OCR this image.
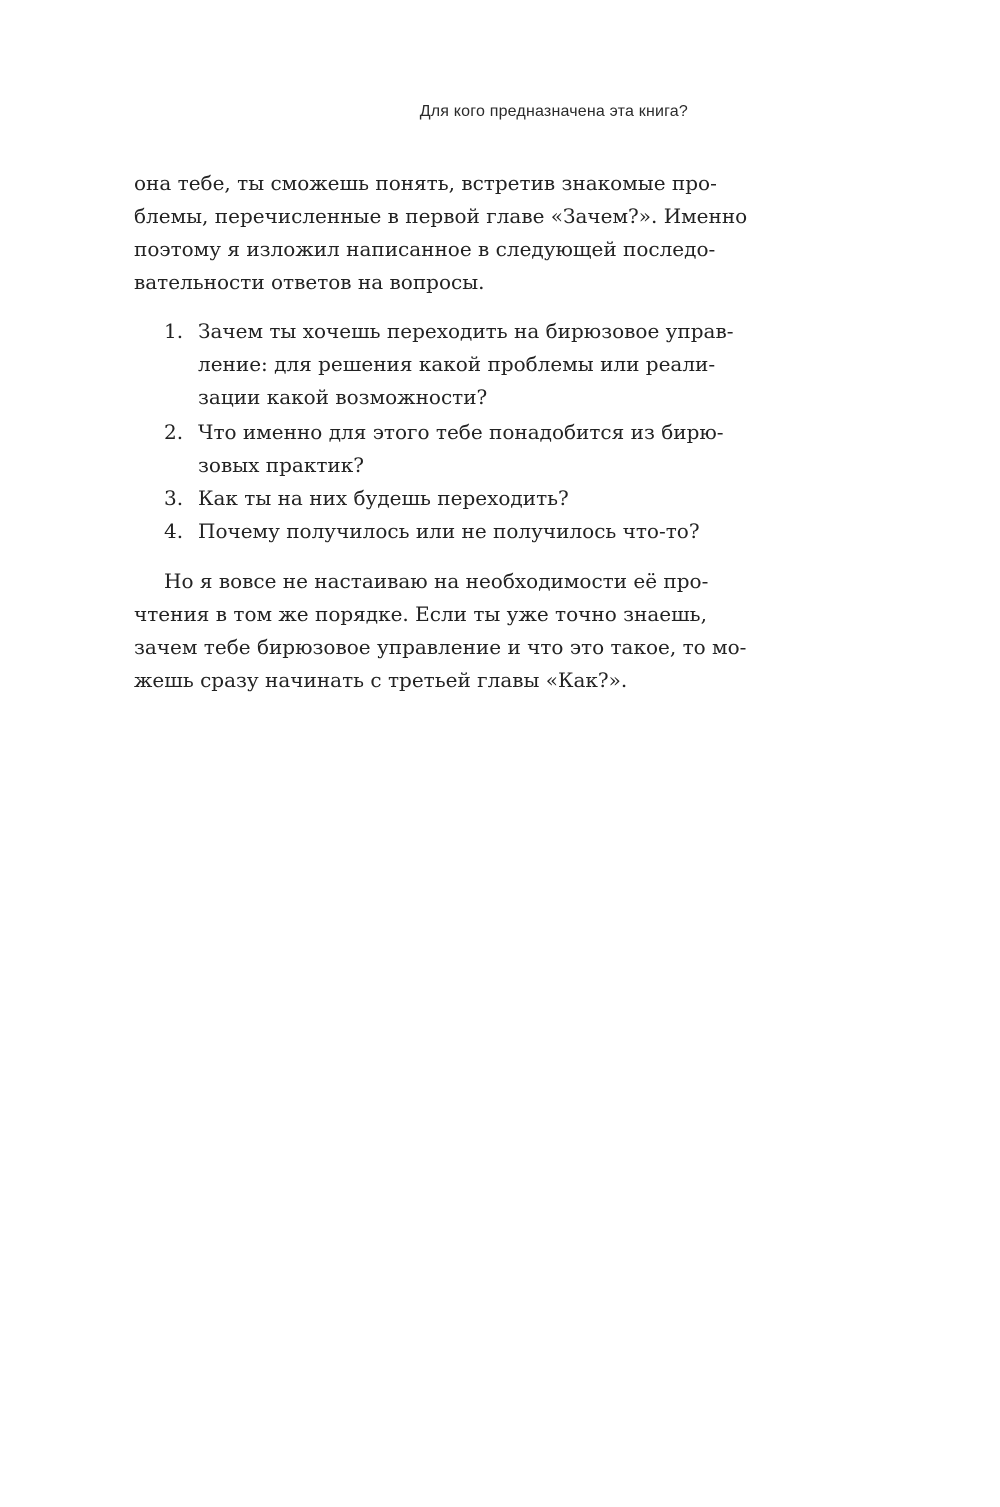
Для кого предназначена эта книга?
она тебе, ты сможешь понять, встретив знакомые про-
блемы, перечисленные в первой главе «Зачем?». Именно
поэтому я изложил написанное в следующей последо-
вательности ответов на вопросы.
1. Зачем ты хочешь переходить на бирюзовое управ-
ление: для решения какой проблемы или реали-
зации какой возможности?
2. Что именно для этого тебе понадобится из бирю-
зовых практик?
3. Как ты на них будешь переходить?
4. Почему получилось или не получилось что-то?
Но я вовсе не настаиваю на необходимости её про-
чтения в том же порядке. Если ты уже точно знаешь,
зачем тебе бирюзовое управление и что это такое, то мо-
жешь сразу начинать с третьей главы «Как?».
